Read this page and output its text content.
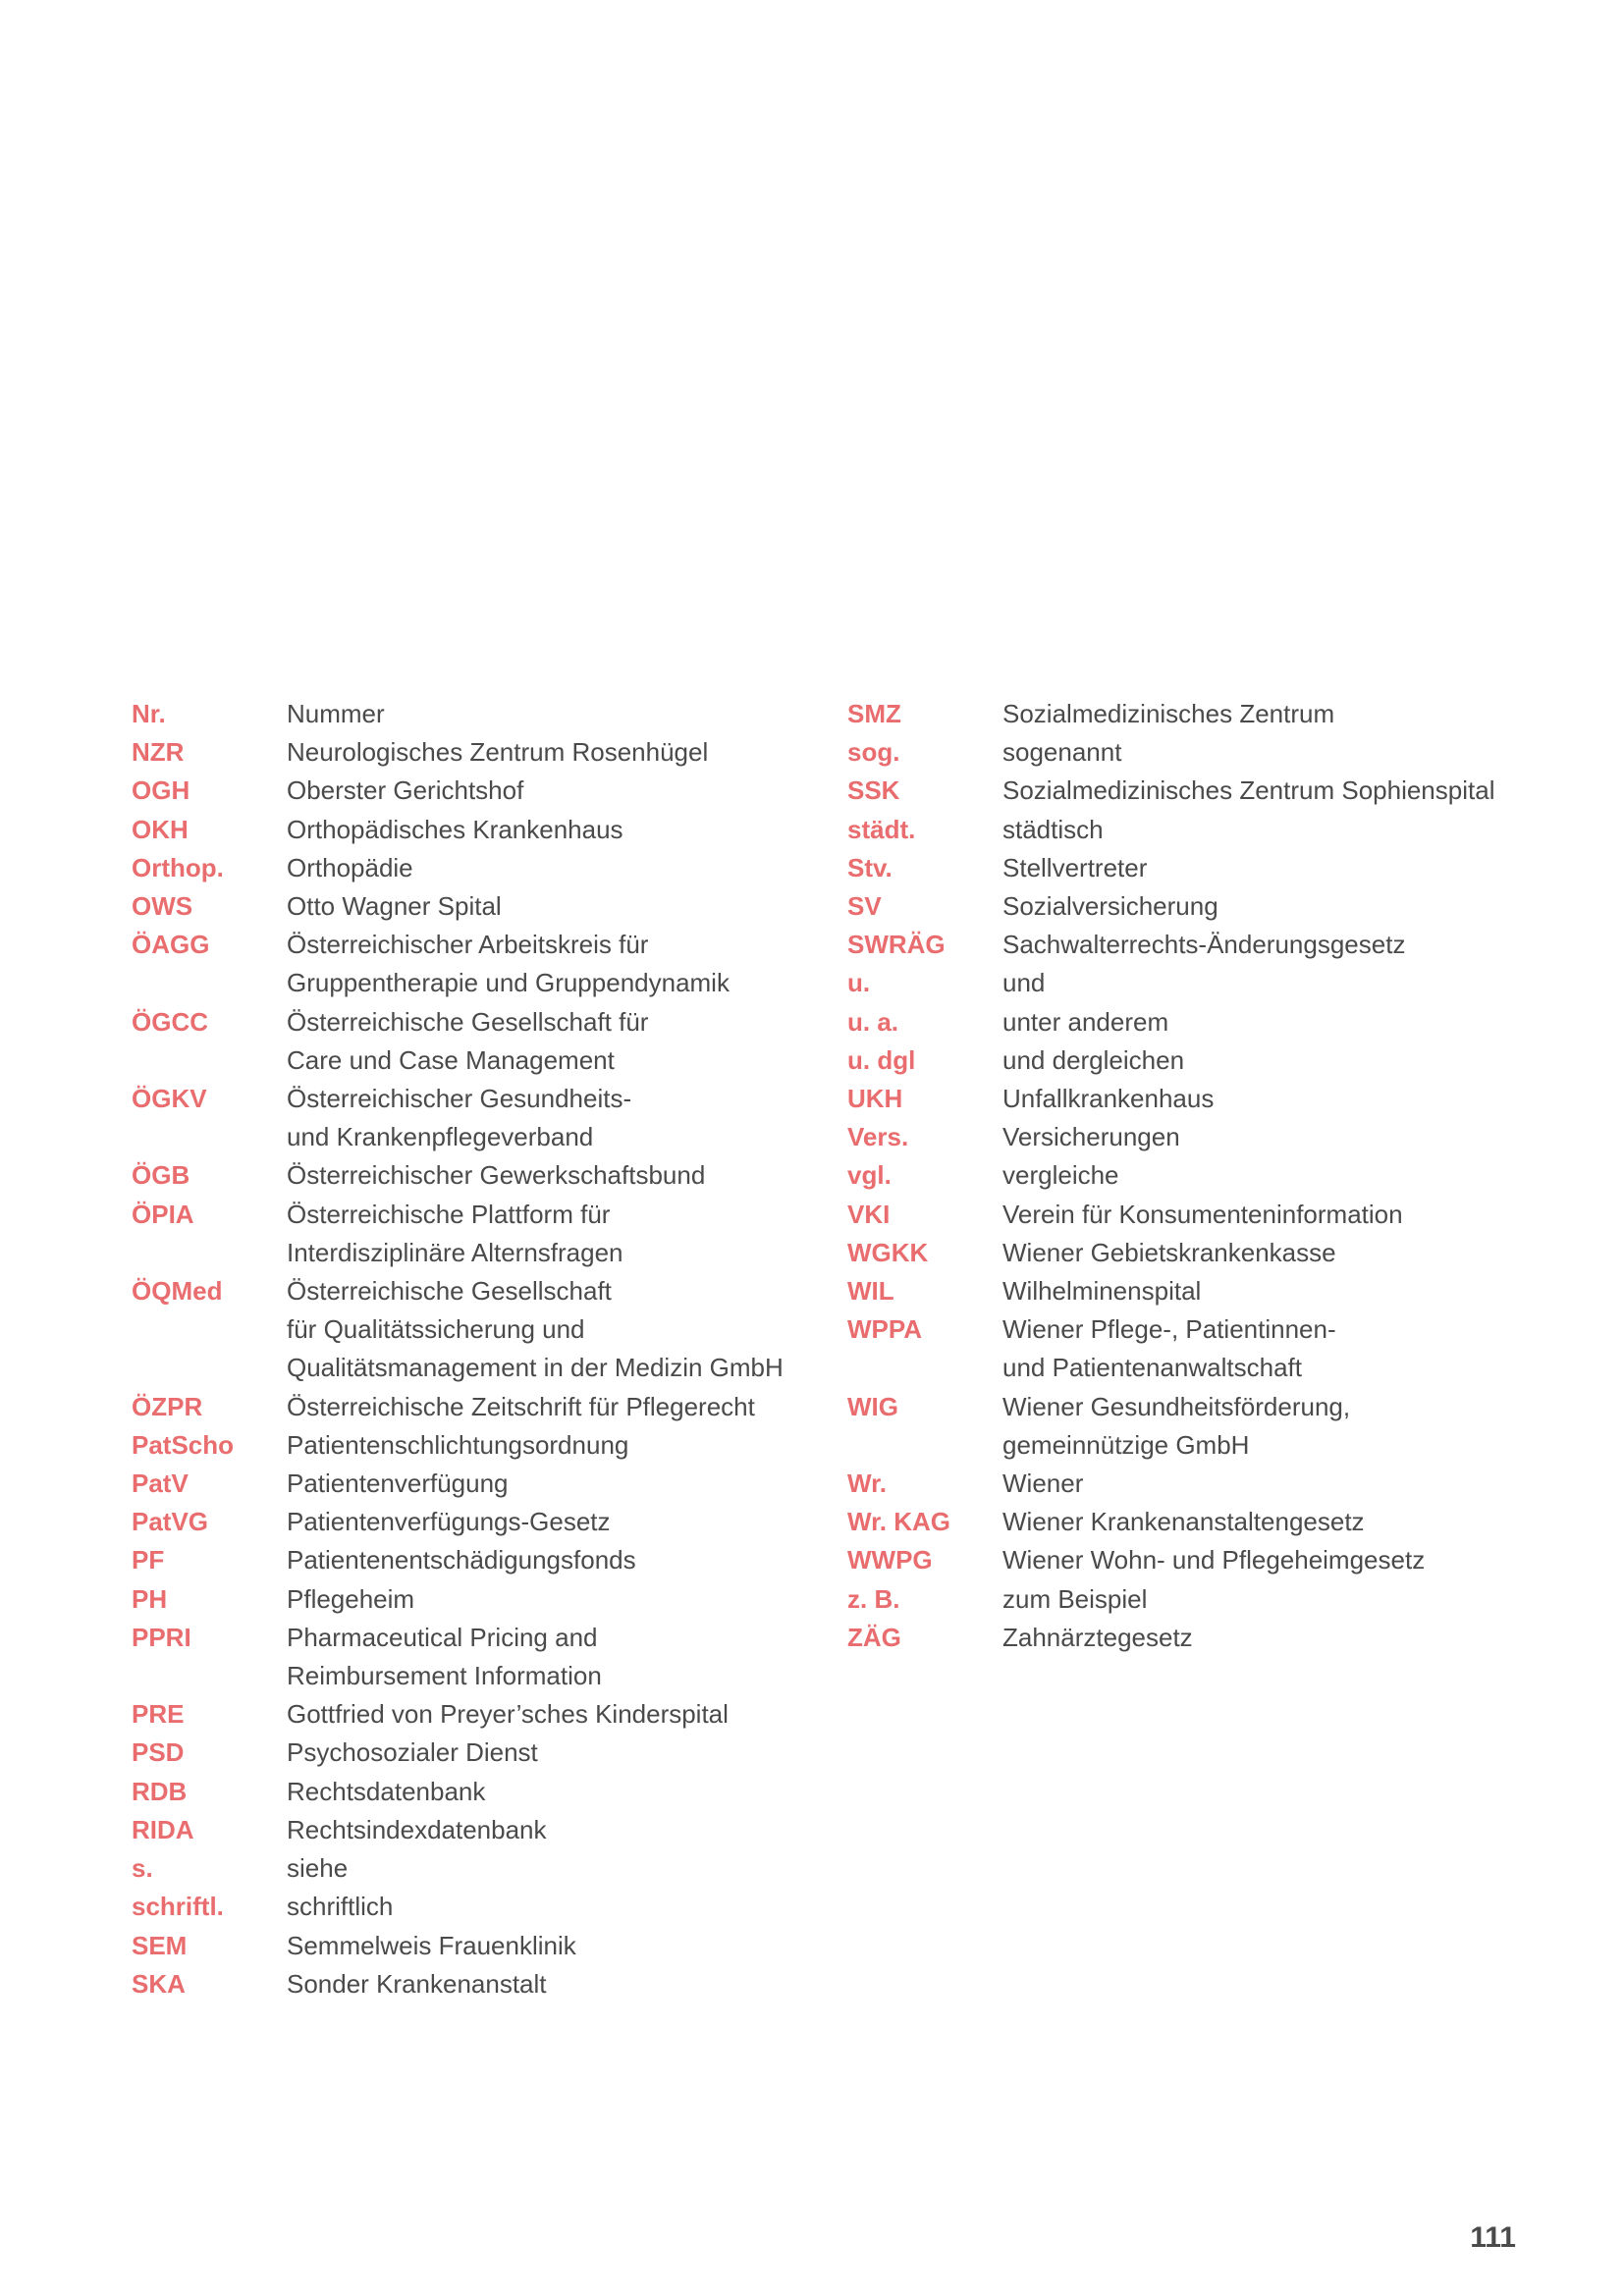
Nr.	Nummer
NZR	Neurologisches Zentrum Rosenhügel
OGH	Oberster Gerichtshof
OKH	Orthopädisches Krankenhaus
Orthop.	Orthopädie
OWS	Otto Wagner Spital
ÖAGG	Österreichischer Arbeitskreis für
Gruppentherapie und Gruppendynamik
ÖGCC	Österreichische Gesellschaft für
Care und Case Management
ÖGKV	Österreichischer Gesundheits-
und Krankenpflegeverband
ÖGB	Österreichischer Gewerkschaftsbund
ÖPIA	Österreichische Plattform für
Interdisziplinäre Alternsfragen
ÖQMed	Österreichische Gesellschaft
für Qualitätssicherung und
Qualitätsmanagement in der Medizin GmbH
ÖZPR	Österreichische Zeitschrift für Pflegerecht
PatScho	Patientenschlichtungsordnung
PatV	Patientenverfügung
PatVG	Patientenverfügungs-Gesetz
PF	Patientenentschädigungsfonds
PH	Pflegeheim
PPRI	Pharmaceutical Pricing and
Reimbursement Information
PRE	Gottfried von Preyer’sches Kinderspital
PSD	Psychosozialer Dienst
RDB	Rechtsdatenbank
RIDA	Rechtsindexdatenbank
s.	siehe
schriftl.	schriftlich
SEM	Semmelweis Frauenklinik
SKA	Sonder Krankenanstalt
SMZ	Sozialmedizinisches Zentrum
sog.	sogenannt
SSK	Sozialmedizinisches Zentrum Sophienspital
städt.	städtisch
Stv.	Stellvertreter
SV	Sozialversicherung
SWRÄG	Sachwalterrechts-Änderungsgesetz
u.	und
u. a.	unter anderem
u. dgl	und dergleichen
UKH	Unfallkrankenhaus
Vers.	Versicherungen
vgl.	vergleiche
VKI	Verein für Konsumenteninformation
WGKK	Wiener Gebietskrankenkasse
WIL	Wilhelminenspital
WPPA	Wiener Pflege-, Patientinnen-
und Patientenanwaltschaft
WIG	Wiener Gesundheitsförderung,
gemeinnützige GmbH
Wr.	Wiener
Wr. KAG	Wiener Krankenanstaltengesetz
WWPG	Wiener Wohn- und Pflegeheimgesetz
z. B.	zum Beispiel
ZÄG	Zahnärztegesetz
111
